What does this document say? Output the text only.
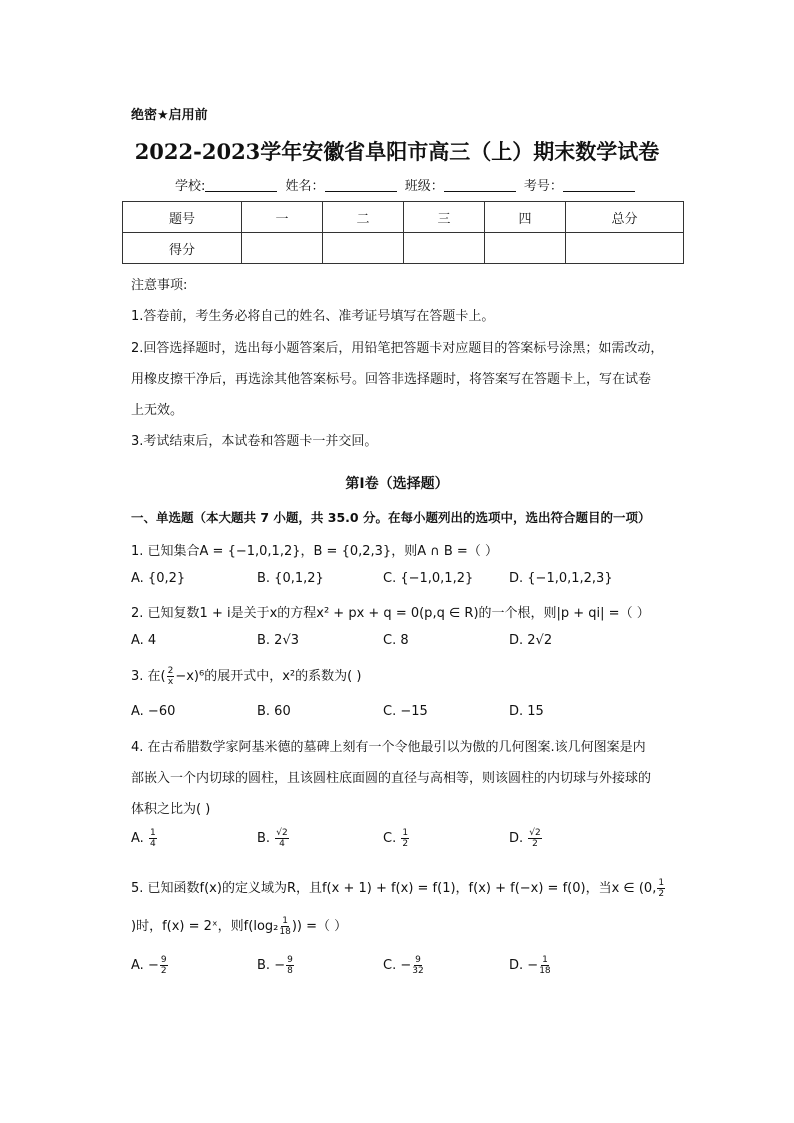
绝密★启用前
2022-2023学年安徽省阜阳市高三（上）期末数学试卷
学校:	姓名：	班级：	考号：
题号	一	二	三	四	总分
得分					
注意事项:
1.答卷前，考生务必将自己的姓名、准考证号填写在答题卡上。
2.回答选择题时，选出每小题答案后，用铅笔把答题卡对应题目的答案标号涂黑；如需改动，
用橡皮擦干净后，再选涂其他答案标号。回答非选择题时，将答案写在答题卡上，写在试卷
上无效。
3.考试结束后，本试卷和答题卡一并交回。
第Ⅰ卷（选择题）
一、单选题（本大题共 7 小题，共 35.0 分。在每小题列出的选项中，选出符合题目的一项）
1. 已知集合A = {−1,0,1,2}，B = {0,2,3}，则A ∩ B =（ ）
A. {0,2}	B. {0,1,2}	C. {−1,0,1,2}	D. {−1,0,1,2,3}
2. 已知复数1 + i是关于x的方程x² + px + q = 0(p,q ∈ R)的一个根，则|p + qi| =（ ）
A. 4	B. 2√3	C. 8	D. 2√2
3. 在( $\frac{2}{x} -x)^6$的展开式中，x²的系数为( )
A. −60	B. 60	C. −15	D. 15
4. 在古希腊数学家阿基米德的墓碑上刻有一个令他最引以为傲的几何图案.该几何图案是内
部嵌入一个内切球的圆柱，且该圆柱底面圆的直径与高相等，则该圆柱的内切球与外接球的
体积之比为( )
A. $\frac{1}{4}$	B. $\frac{√2}{4}$	C. $\frac{1}{2}$	D. $\frac{√2}{2}$
5. 已知函数f(x)的定义域为R，且f(x + 1) + f(x) = f(1)，f(x) + f(−x) = f(0)，当x ∈ (0, $\frac{1}{2}$
)时，f(x) = 2ˣ，则$f(\log_2 \frac{1}{18}$ )) =（ ）
A. − $\frac{9}{2}$	B. − $\frac{9}{8}$	C. − $\frac{9}{32}$	D. − $\frac{1}{18}$
